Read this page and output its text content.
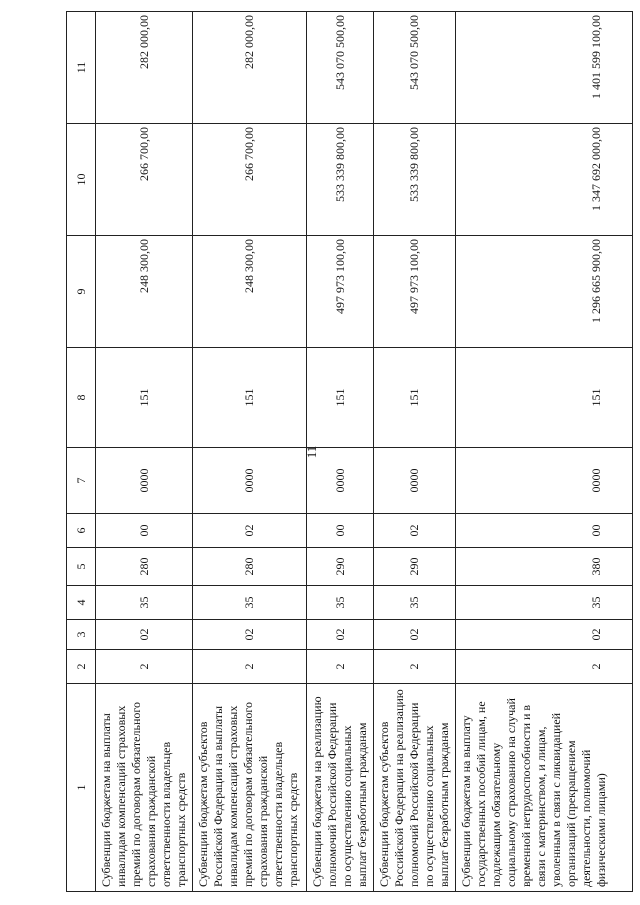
11
1	2	3	4	5	6	7	8	9	10	11
Субвенции бюджетам на выплаты инвалидам компенсаций страховых премий по договорам обязательного страхования гражданской ответственности владельцев транспортных средств	2	02	35	280	00	0000	151	248 300,00	266 700,00	282 000,00
Субвенции бюджетам субъектов Российской Федерации на выплаты инвалидам компенсаций страховых премий по договорам обязательного страхования гражданской ответственности владельцев транспортных средств	2	02	35	280	02	0000	151	248 300,00	266 700,00	282 000,00
Субвенции бюджетам на реализацию полномочий Российской Федерации по осуществлению социальных выплат безработным гражданам	2	02	35	290	00	0000	151	497 973 100,00	533 339 800,00	543 070 500,00
Субвенции бюджетам субъектов Российской Федерации на реализацию полномочий Российской Федерации по осуществлению социальных выплат безработным гражданам	2	02	35	290	02	0000	151	497 973 100,00	533 339 800,00	543 070 500,00
Субвенции бюджетам на выплату государственных пособий лицам, не подлежащим обязательному социальному страхованию на случай временной нетрудоспособности и в связи с материнством, и лицам, уволенным в связи с ликвидацией организаций (прекращением деятельности, полномочий физическими лицами)	2	02	35	380	00	0000	151	1 296 665 900,00	1 347 692 000,00	1 401 599 100,00
